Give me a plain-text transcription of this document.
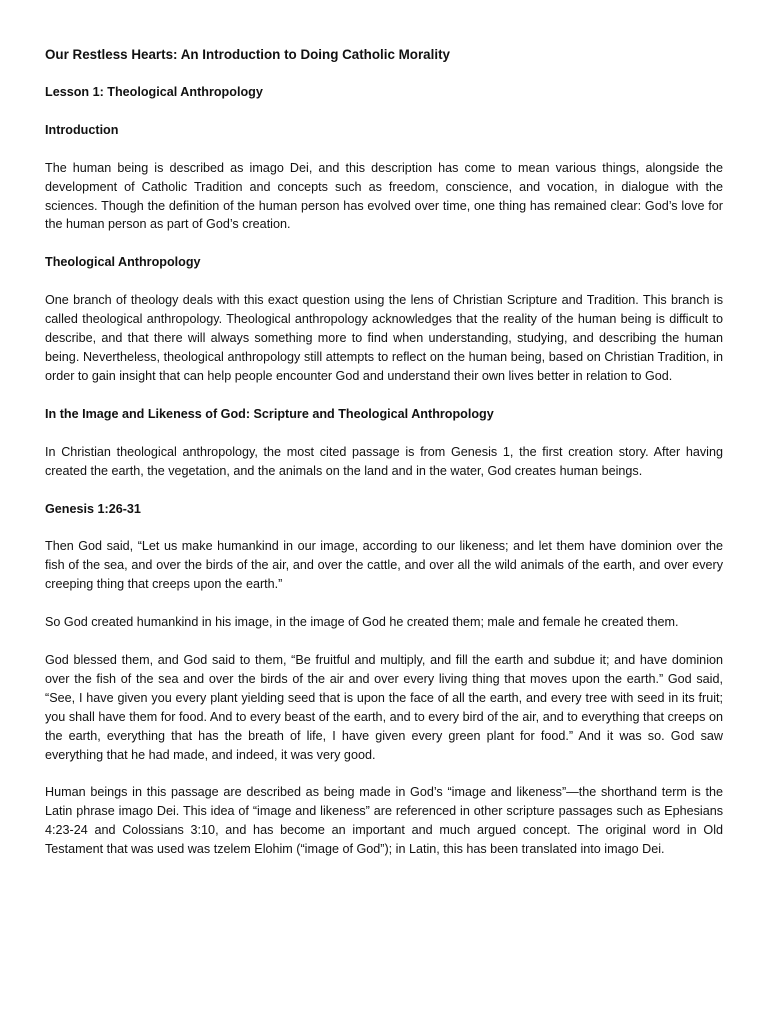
Our Restless Hearts: An Introduction to Doing Catholic Morality
Lesson 1: Theological Anthropology
Introduction

The human being is described as imago Dei, and this description has come to mean various things, alongside the development of Catholic Tradition and concepts such as freedom, conscience, and vocation, in dialogue with the sciences. Though the definition of the human person has evolved over time, one thing has remained clear: God’s love for the human person as part of God’s creation.

Theological Anthropology

One branch of theology deals with this exact question using the lens of Christian Scripture and Tradition. This branch is called theological anthropology. Theological anthropology acknowledges that the reality of the human being is difficult to describe, and that there will always something more to find when understanding, studying, and describing the human being. Nevertheless, theological anthropology still attempts to reflect on the human being, based on Christian Tradition, in order to gain insight that can help people encounter God and understand their own lives better in relation to God.

In the Image and Likeness of God: Scripture and Theological Anthropology

In Christian theological anthropology, the most cited passage is from Genesis 1, the first creation story. After having created the earth, the vegetation, and the animals on the land and in the water, God creates human beings.

Genesis 1:26-31

Then God said, “Let us make humankind in our image, according to our likeness; and let them have dominion over the fish of the sea, and over the birds of the air, and over the cattle, and over all the wild animals of the earth, and over every creeping thing that creeps upon the earth.”

So God created humankind in his image, in the image of God he created them; male and female he created them.

God blessed them, and God said to them, “Be fruitful and multiply, and fill the earth and subdue it; and have dominion over the fish of the sea and over the birds of the air and over every living thing that moves upon the earth.” God said, “See, I have given you every plant yielding seed that is upon the face of all the earth, and every tree with seed in its fruit; you shall have them for food. And to every beast of the earth, and to every bird of the air, and to everything that creeps on the earth, everything that has the breath of life, I have given every green plant for food.” And it was so. God saw everything that he had made, and indeed, it was very good.

Human beings in this passage are described as being made in God’s “image and likeness”—the shorthand term is the Latin phrase imago Dei. This idea of “image and likeness” are referenced in other scripture passages such as Ephesians 4:23-24 and Colossians 3:10, and has become an important and much argued concept. The original word in Old Testament that was used was tzelem Elohim (“image of God”); in Latin, this has been translated into imago Dei.
